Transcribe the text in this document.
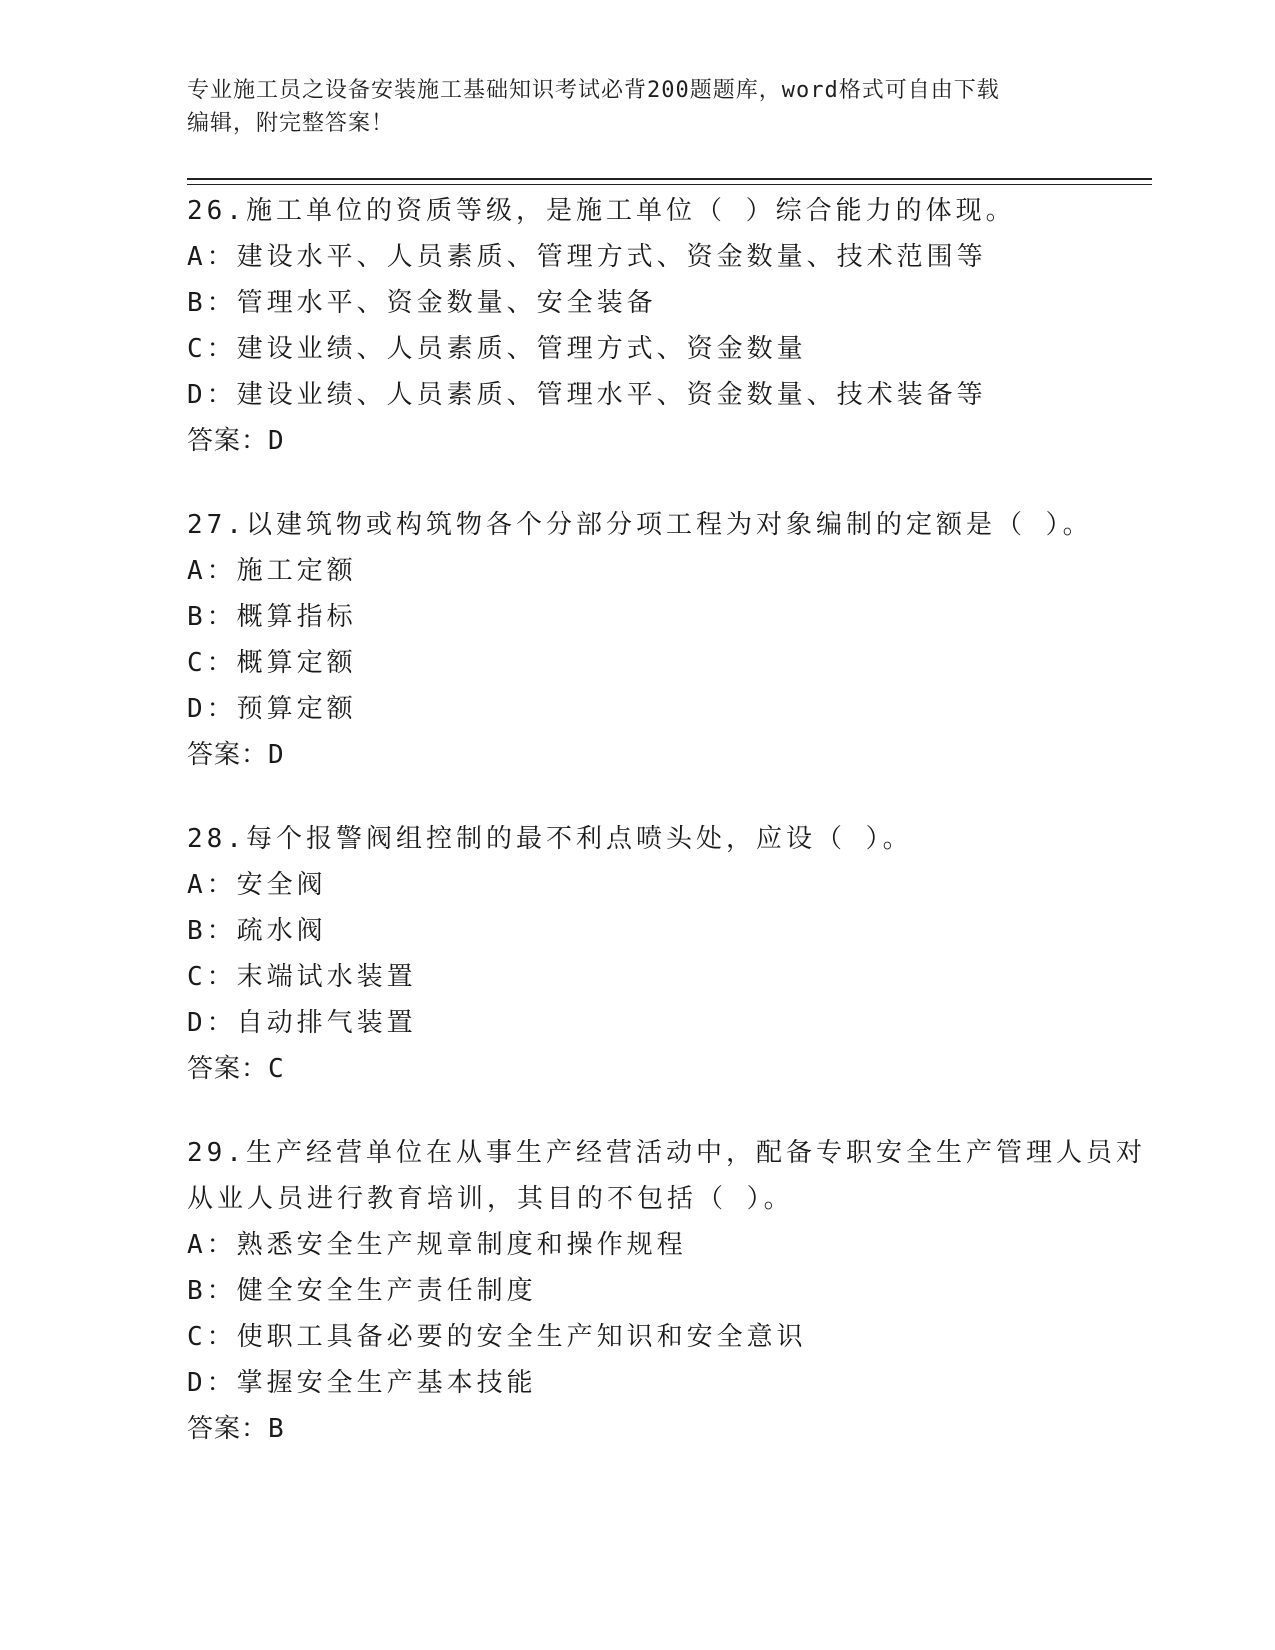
专业施工员之设备安装施工基础知识考试必背200题题库，word格式可自由下载
编辑，附完整答案！
26.施工单位的资质等级，是施工单位（ ）综合能力的体现。
A：建设水平、人员素质、管理方式、资金数量、技术范围等
B：管理水平、资金数量、安全装备
C：建设业绩、人员素质、管理方式、资金数量
D：建设业绩、人员素质、管理水平、资金数量、技术装备等
答案：D
27.以建筑物或构筑物各个分部分项工程为对象编制的定额是（ ）。
A：施工定额
B：概算指标
C：概算定额
D：预算定额
答案：D
28.每个报警阀组控制的最不利点喷头处，应设（ ）。
A：安全阀
B：疏水阀
C：末端试水装置
D：自动排气装置
答案：C
29.生产经营单位在从事生产经营活动中，配备专职安全生产管理人员对从业人员进行教育培训，其目的不包括（ ）。
A：熟悉安全生产规章制度和操作规程
B：健全安全生产责任制度
C：使职工具备必要的安全生产知识和安全意识
D：掌握安全生产基本技能
答案：B
